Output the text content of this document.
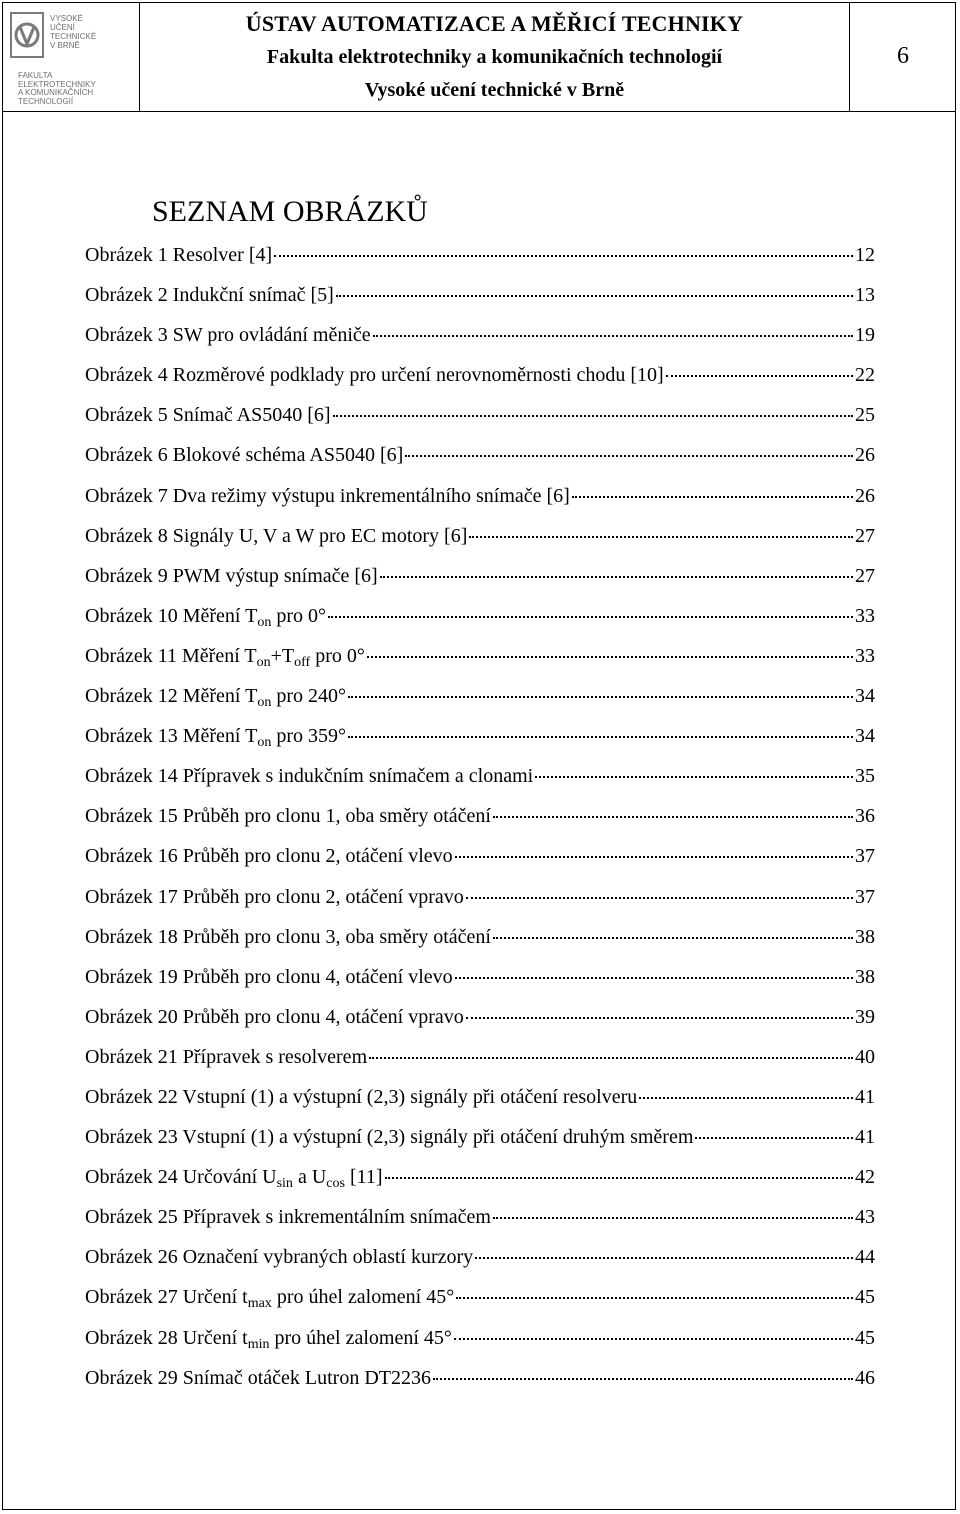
VYSOKÉ
UČENÍ
TECHNICKÉ
V BRNĚ
FAKULTA
ELEKTROTECHNIKY
A KOMUNIKAČNÍCH
TECHNOLOGIÍ
ÚSTAV AUTOMATIZACE A MĚŘICÍ TECHNIKY
Fakulta elektrotechniky a komunikačních technologií
Vysoké učení technické v Brně
6
SEZNAM OBRÁZKŮ
Obrázek 1 Resolver [4]	12
Obrázek 2 Indukční snímač [5]	13
Obrázek 3 SW pro ovládání měniče	19
Obrázek 4 Rozměrové podklady pro určení nerovnoměrnosti chodu [10]	22
Obrázek 5 Snímač AS5040 [6]	25
Obrázek 6 Blokové schéma AS5040 [6]	26
Obrázek 7 Dva režimy výstupu inkrementálního snímače [6]	26
Obrázek 8 Signály U, V a W pro EC motory [6]	27
Obrázek 9 PWM výstup snímače [6]	27
Obrázek 10 Měření $T_{on}$ pro 0°	33
Obrázek 11 Měření $T_{on}+T_{off}$ pro 0°	33
Obrázek 12 Měření $T_{on}$ pro 240°	34
Obrázek 13 Měření $T_{on}$ pro 359°	34
Obrázek 14 Přípravek s indukčním snímačem a clonami	35
Obrázek 15 Průběh pro clonu 1, oba směry otáčení	36
Obrázek 16 Průběh pro clonu 2, otáčení vlevo	37
Obrázek 17 Průběh pro clonu 2, otáčení vpravo	37
Obrázek 18 Průběh pro clonu 3, oba směry otáčení	38
Obrázek 19 Průběh pro clonu 4, otáčení vlevo	38
Obrázek 20 Průběh pro clonu 4, otáčení vpravo	39
Obrázek 21 Přípravek s resolverem	40
Obrázek 22 Vstupní (1) a výstupní (2,3) signály při otáčení resolveru	41
Obrázek 23 Vstupní (1) a výstupní (2,3) signály při otáčení druhým směrem	41
Obrázek 24 Určování $U_{sin}$ a $U_{cos}$ [11]	42
Obrázek 25 Přípravek s inkrementálním snímačem	43
Obrázek 26 Označení vybraných oblastí kurzory	44
Obrázek 27 Určení $t_{max}$ pro úhel zalomení 45°	45
Obrázek 28 Určení $t_{min}$ pro úhel zalomení 45°	45
Obrázek 29 Snímač otáček Lutron DT2236	46
